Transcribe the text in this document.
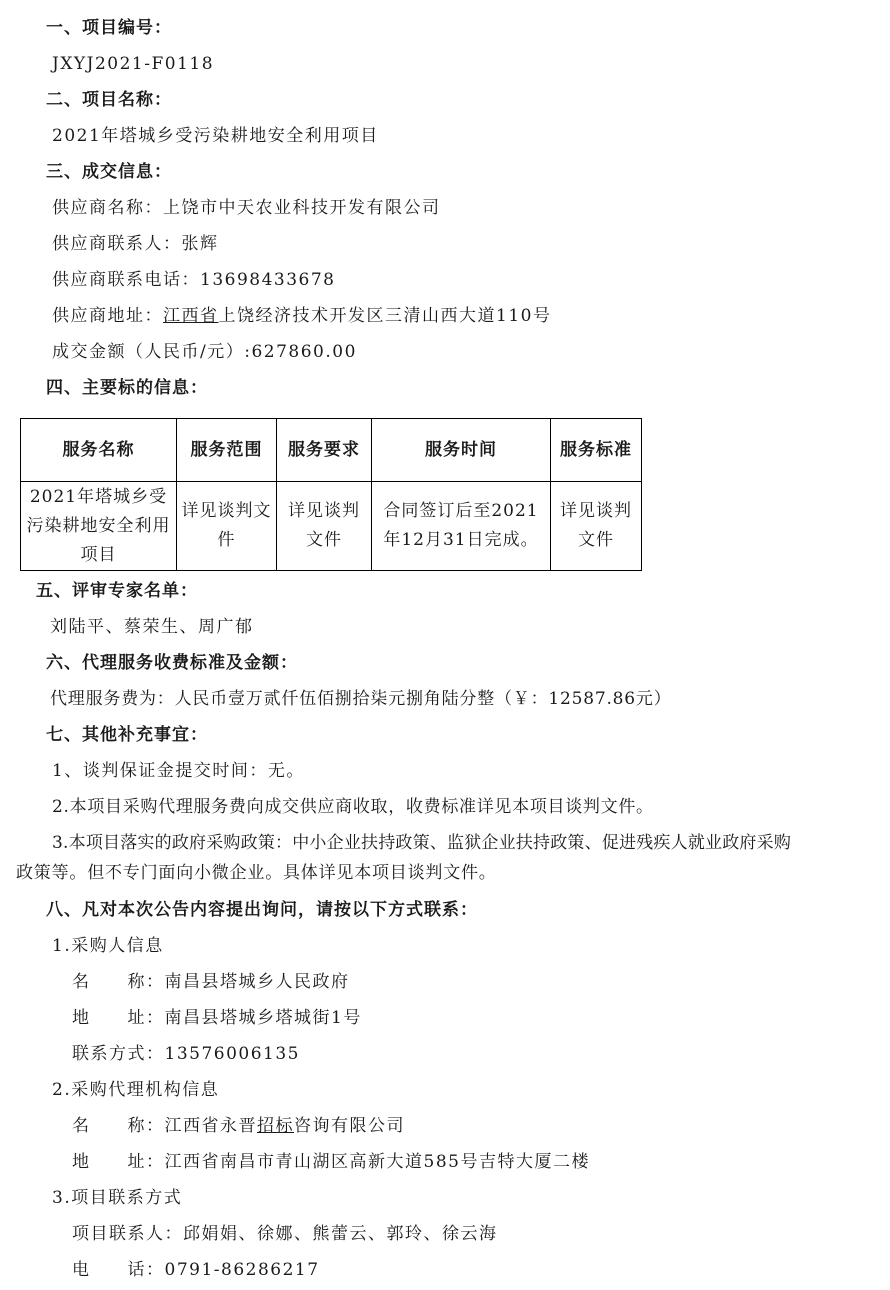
一、项目编号：
JXYJ2021-F0118
二、项目名称：
2021年塔城乡受污染耕地安全利用项目
三、成交信息：
供应商名称：上饶市中天农业科技开发有限公司
供应商联系人：张辉
供应商联系电话：13698433678
供应商地址：江西省上饶经济技术开发区三清山西大道110号
成交金额（人民币/元）:627860.00
四、主要标的信息：
服务名称	服务范围	服务要求	服务时间	服务标准
2021年塔城乡受污染耕地安全利用项目	详见谈判文件	详见谈判文件	合同签订后至2021年12月31日完成。	详见谈判文件
五、评审专家名单：
刘陆平、蔡荣生、周广郁
六、代理服务收费标准及金额：
代理服务费为：人民币壹万贰仟伍佰捌拾柒元捌角陆分整（￥：12587.86元）
七、其他补充事宜：
1、谈判保证金提交时间：无。
2.本项目采购代理服务费向成交供应商收取，收费标准详见本项目谈判文件。
3.本项目落实的政府采购政策：中小企业扶持政策、监狱企业扶持政策、促进残疾人就业政府采购
政策等。但不专门面向小微企业。具体详见本项目谈判文件。
八、凡对本次公告内容提出询问，请按以下方式联系：
1.采购人信息
名　　称：南昌县塔城乡人民政府
地　　址：南昌县塔城乡塔城街1号
联系方式：13576006135
2.采购代理机构信息
名　　称：江西省永晋招标咨询有限公司
地　　址：江西省南昌市青山湖区高新大道585号吉特大厦二楼
3.项目联系方式
项目联系人：邱娟娟、徐娜、熊蕾云、郭玲、徐云海
电　　话：0791-86286217
